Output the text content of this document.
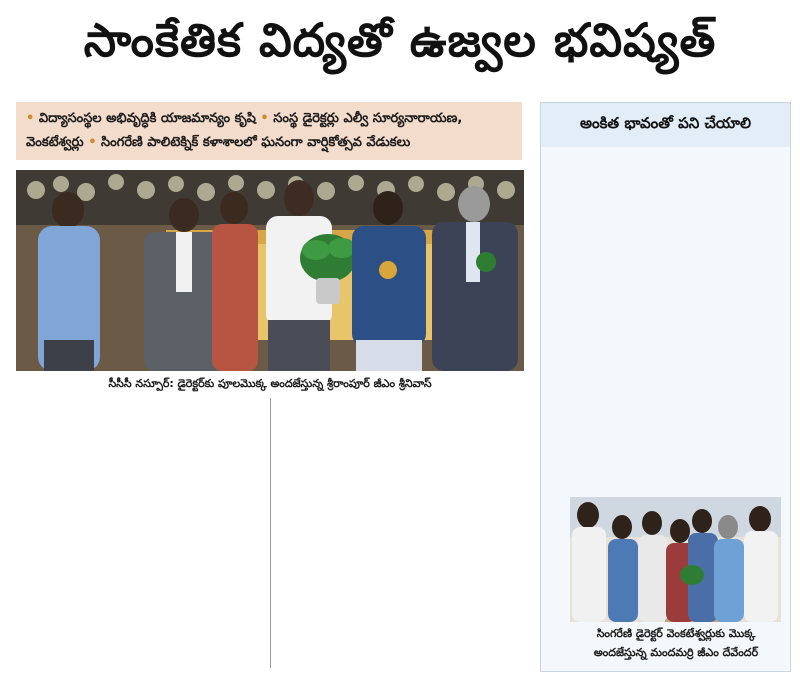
సాంకేతిక విద్యతో ఉజ్వల భవిష్యత్
• విద్యాసంస్థల అభివృద్ధికి యాజమాన్యం కృషి • సంస్థ డైరెక్టర్లు ఎల్వీ సూర్యనారాయణ,
వెంకటేశ్వర్లు • సింగరేణి పాలిటెక్నిక్ కళాశాలలో ఘనంగా వార్షికోత్సవ వేడుకలు
సీసీసీ నస్పూర్: డైరెక్టర్‌కు పూలమొక్క అందజేస్తున్న శ్రీరాంపూర్ జీఎం శ్రీనివాస్
అంకిత భావంతో పని చేయాలి
సింగరేణి డైరెక్టర్ వెంకటేశ్వర్లుకు మొక్క
అందజేస్తున్న మందమర్రి జీఎం దేవేందర్
